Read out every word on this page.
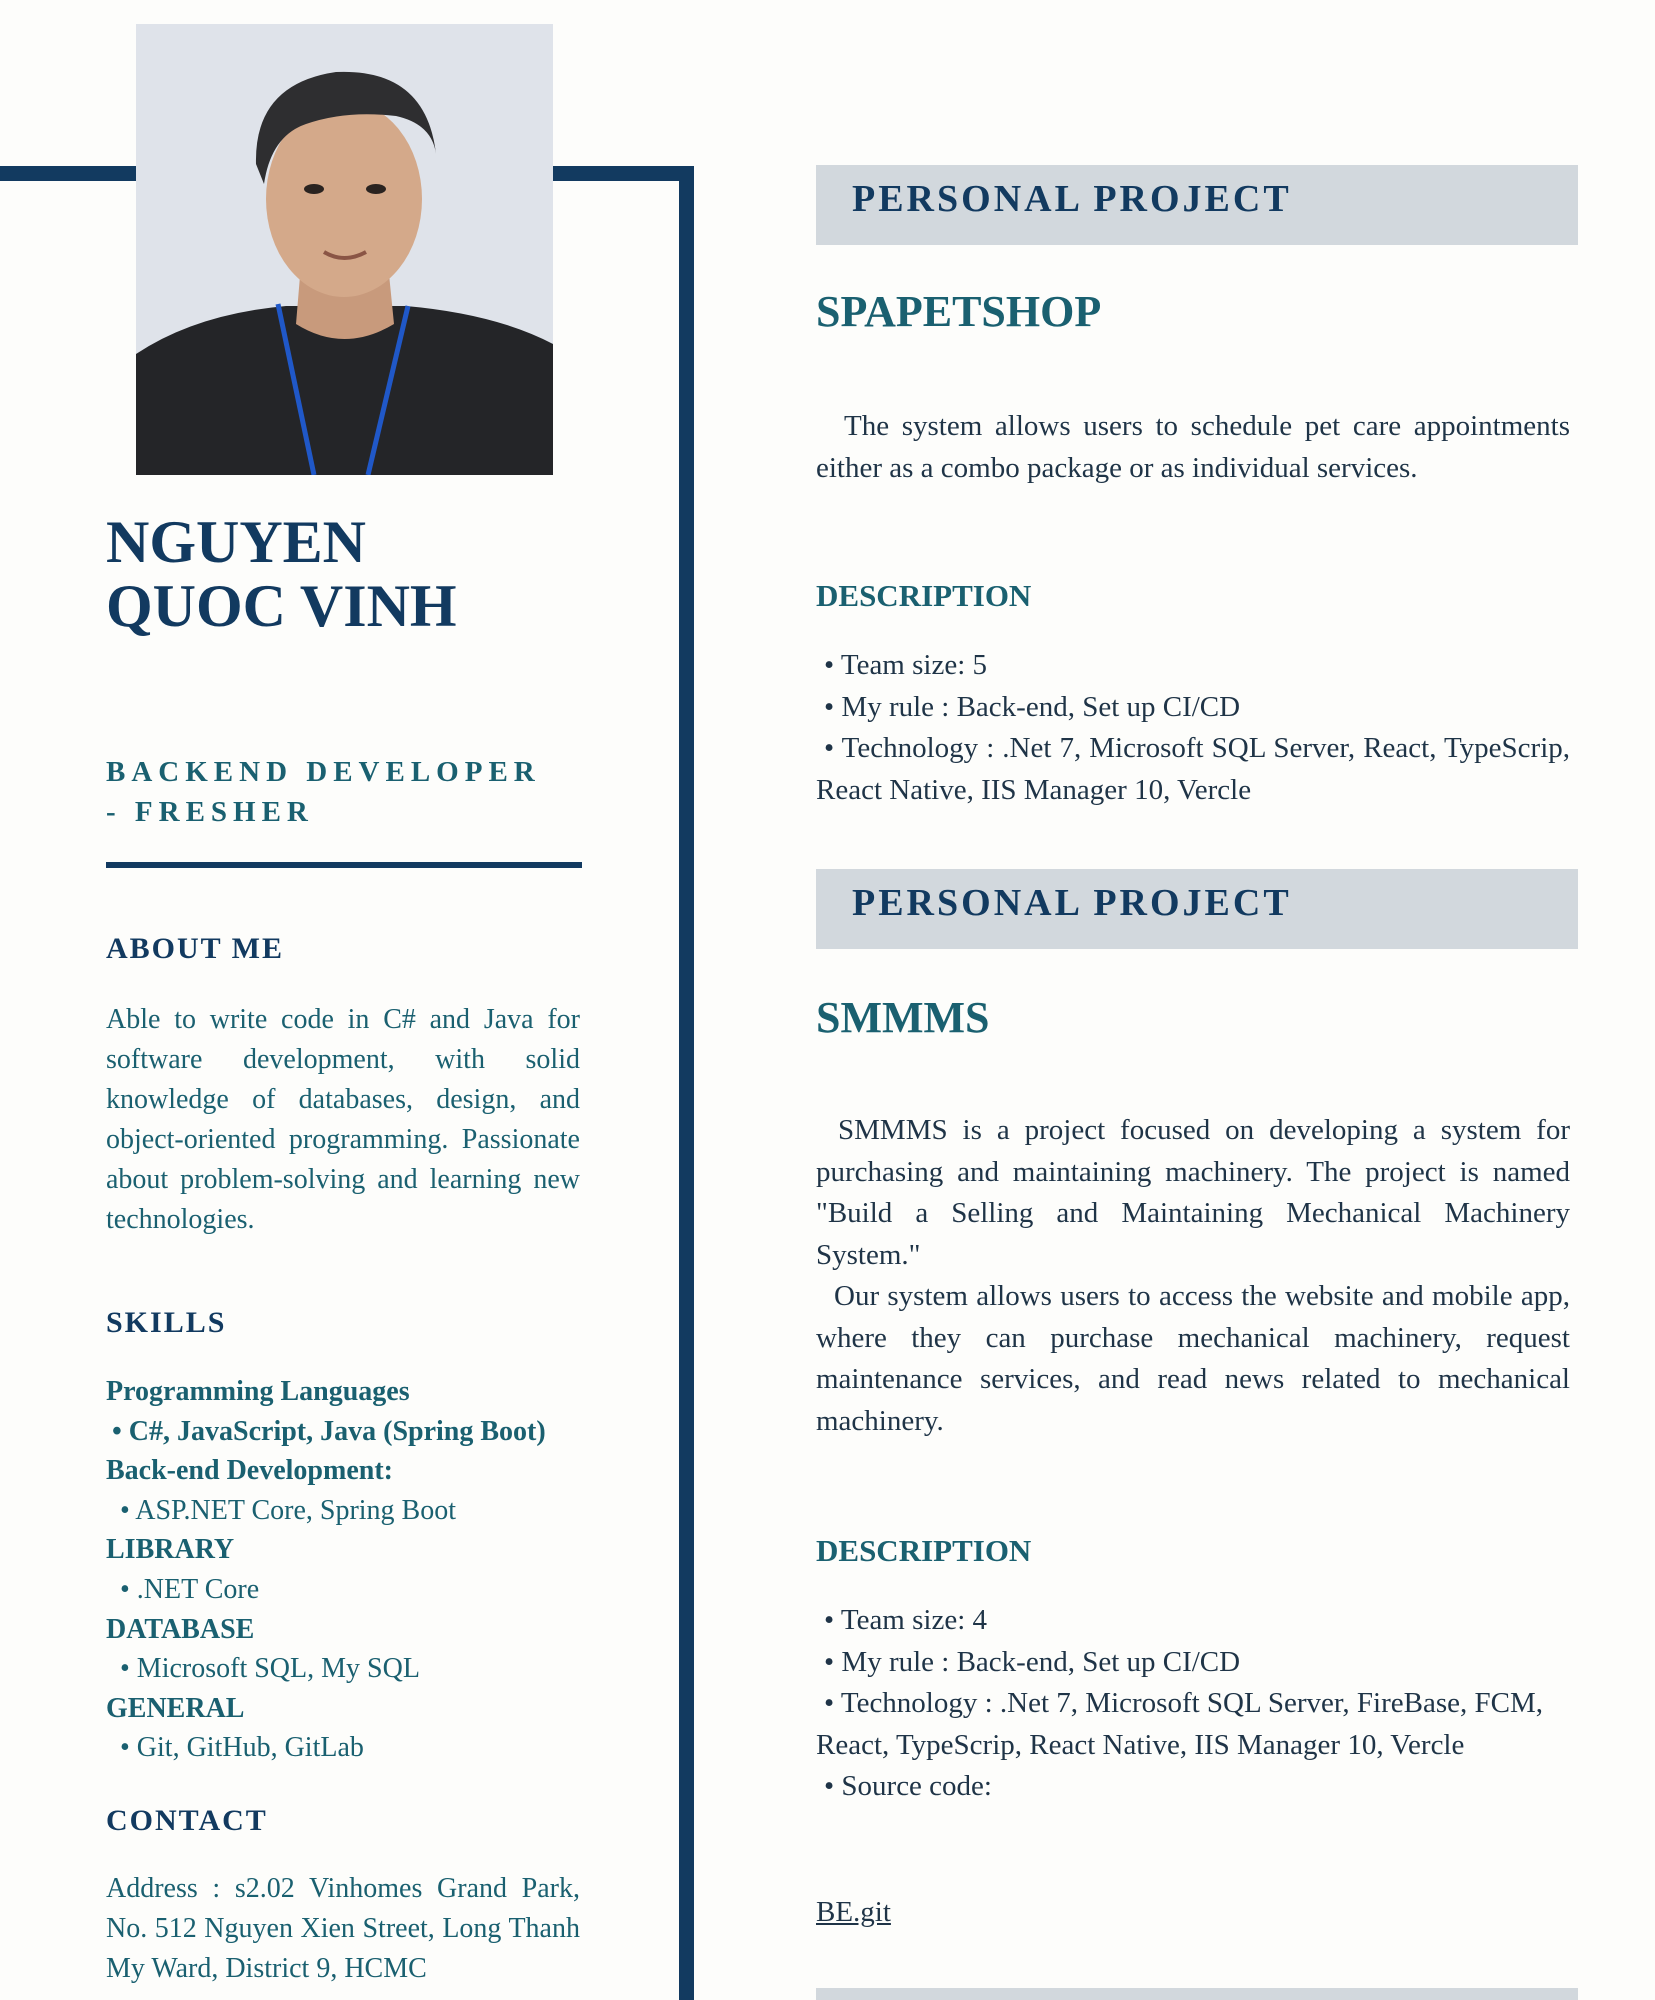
NGUYEN
QUOC VINH
BACKEND DEVELOPER
- FRESHER
ABOUT ME
Able to write code in C# and Java for software development, with solid knowledge of databases, design, and object-oriented programming. Passionate about problem-solving and learning new technologies.
SKILLS
Programming Languages
• C#, JavaScript, Java (Spring Boot)
Back-end Development:
• ASP.NET Core, Spring Boot
LIBRARY
• .NET Core
DATABASE
• Microsoft SQL, My SQL
GENERAL
• Git, GitHub, GitLab
CONTACT
Address : s2.02 Vinhomes Grand Park, No. 512 Nguyen Xien Street, Long Thanh My Ward, District 9, HCMC
PERSONAL PROJECT
SPAPETSHOP

The system allows users to schedule pet care appointments either as a combo package or as individual services.

DESCRIPTION
• Team size: 5
• My rule : Back-end, Set up CI/CD
• Technology : .Net 7, Microsoft SQL Server, React, TypeScrip, React Native, IIS Manager 10, Vercle
PERSONAL PROJECT
SMMMS

SMMMS is a project focused on developing a system for purchasing and maintaining machinery. The project is named "Build a Selling and Maintaining Mechanical Machinery System."

Our system allows users to access the website and mobile app, where they can purchase mechanical machinery, request maintenance services, and read news related to mechanical machinery.

DESCRIPTION
• Team size: 4
• My rule : Back-end, Set up CI/CD
• Technology : .Net 7, Microsoft SQL Server, FireBase, FCM, React, TypeScrip, React Native, IIS Manager 10, Vercle
• Source code:
BE.git
